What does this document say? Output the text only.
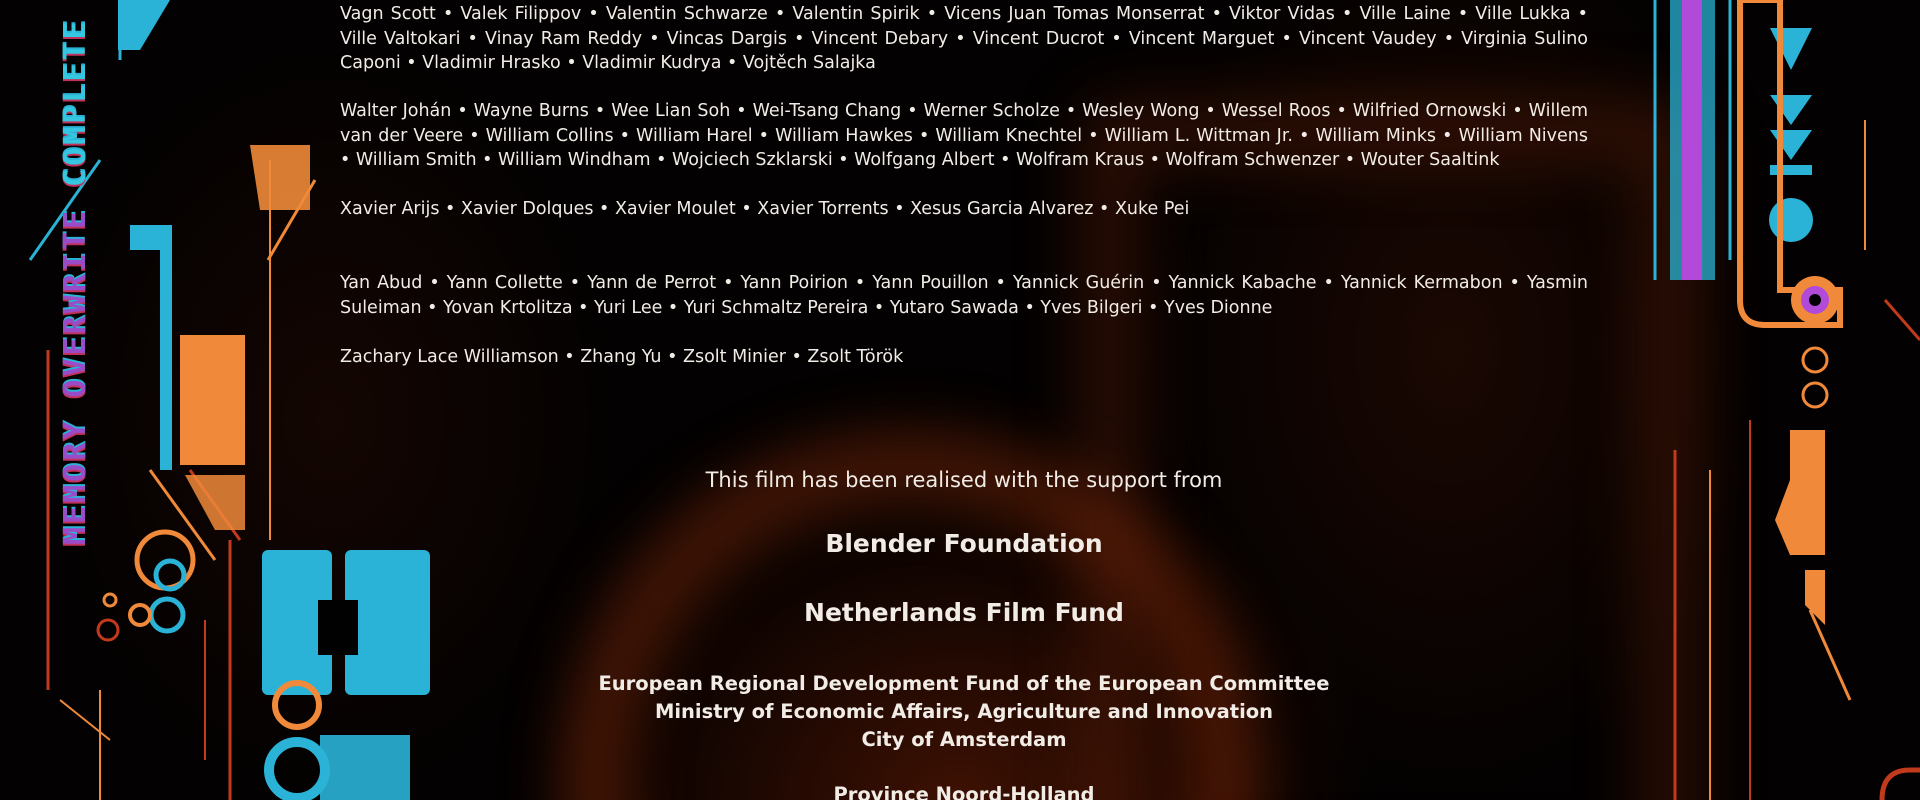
MEMORY OVERWRITE COMPLETE
Vagn Scott • Valek Filippov • Valentin Schwarze • Valentin Spirik • Vicens Juan Tomas Monserrat • Viktor Vidas • Ville Laine • Ville Lukka • Ville Valtokari • Vinay Ram Reddy • Vincas Dargis • Vincent Debary • Vincent Ducrot • Vincent Marguet • Vincent Vaudey • Virginia Sulino Caponi • Vladimir Hrasko • Vladimir Kudrya • Vojtěch Salajka
Walter Johán • Wayne Burns • Wee Lian Soh • Wei-Tsang Chang • Werner Scholze • Wesley Wong • Wessel Roos • Wilfried Ornowski • Willem van der Veere • William Collins • William Harel • William Hawkes • William Knechtel • William L. Wittman Jr. • William Minks • William Nivens • William Smith • William Windham • Wojciech Szklarski • Wolfgang Albert • Wolfram Kraus • Wolfram Schwenzer • Wouter Saaltink
Xavier Arijs • Xavier Dolques • Xavier Moulet • Xavier Torrents • Xesus Garcia Alvarez • Xuke Pei
Yan Abud • Yann Collette • Yann de Perrot • Yann Poirion • Yann Pouillon • Yannick Guérin • Yannick Kabache • Yannick Kermabon • Yasmin Suleiman • Yovan Krtolitza • Yuri Lee • Yuri Schmaltz Pereira • Yutaro Sawada • Yves Bilgeri • Yves Dionne
Zachary Lace Williamson • Zhang Yu • Zsolt Minier • Zsolt Török
This film has been realised with the support from
Blender Foundation
Netherlands Film Fund
European Regional Development Fund of the European Committee
Ministry of Economic Affairs, Agriculture and Innovation
City of Amsterdam
Province Noord-Holland
